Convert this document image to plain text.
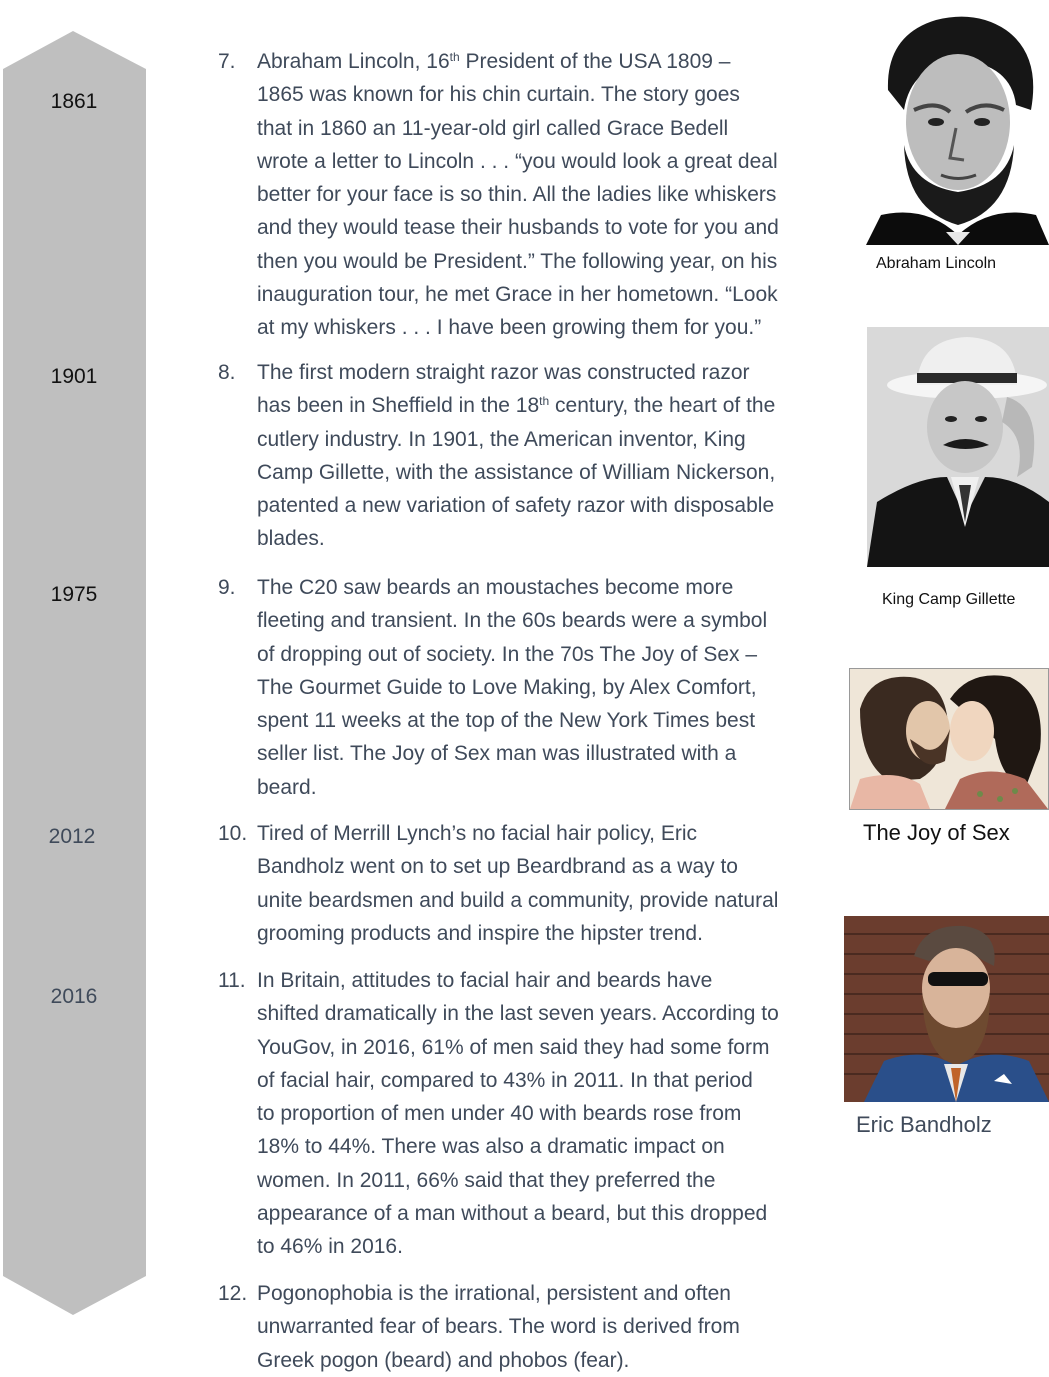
1861
1901
1975
2012
2016
7. Abraham Lincoln, 16th President of the USA 1809 –
1865 was known for his chin curtain. The story goes
that in 1860 an 11-year-old girl called Grace Bedell
wrote a letter to Lincoln . . . “you would look a great deal
better for your face is so thin. All the ladies like whiskers
and they would tease their husbands to vote for you and
then you would be President.” The following year, on his
inauguration tour, he met Grace in her hometown. “Look
at my whiskers . . . I have been growing them for you.”
8. The first modern straight razor was constructed razor
has been in Sheffield in the 18th century, the heart of the
cutlery industry. In 1901, the American inventor, King
Camp Gillette, with the assistance of William Nickerson,
patented a new variation of safety razor with disposable
blades.
9. The C20 saw beards an moustaches become more
fleeting and transient. In the 60s beards were a symbol
of dropping out of society. In the 70s The Joy of Sex –
The Gourmet Guide to Love Making, by Alex Comfort,
spent 11 weeks at the top of the New York Times best
seller list. The Joy of Sex man was illustrated with a
beard.
10. Tired of Merrill Lynch’s no facial hair policy, Eric
Bandholz went on to set up Beardbrand as a way to
unite beardsmen and build a community, provide natural
grooming products and inspire the hipster trend.
11. In Britain, attitudes to facial hair and beards have
shifted dramatically in the last seven years. According to
YouGov, in 2016, 61% of men said they had some form
of facial hair, compared to 43% in 2011. In that period
to proportion of men under 40 with beards rose from
18% to 44%. There was also a dramatic impact on
women. In 2011, 66% said that they preferred the
appearance of a man without a beard, but this dropped
to 46% in 2016.
12. Pogonophobia is the irrational, persistent and often
unwarranted fear of bears. The word is derived from
Greek pogon (beard) and phobos (fear).
Abraham Lincoln
King Camp Gillette
The Joy of Sex
Eric Bandholz
